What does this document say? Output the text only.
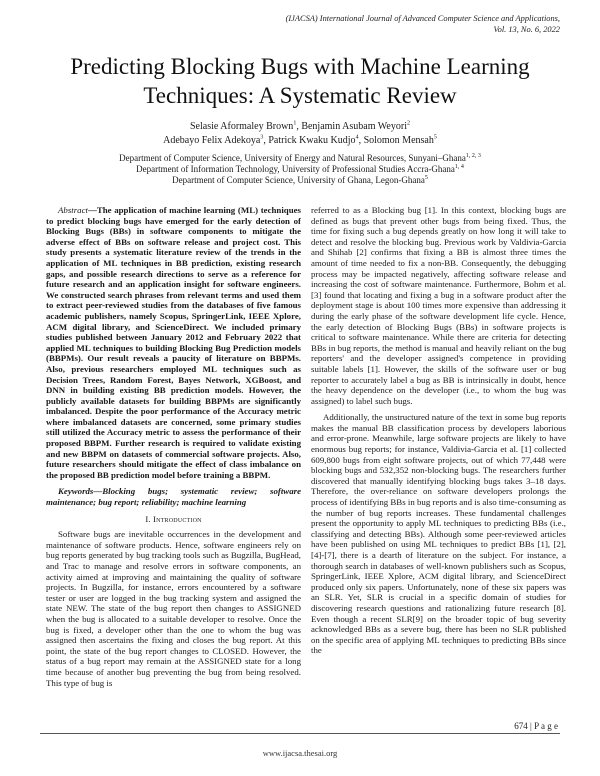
(IJACSA) International Journal of Advanced Computer Science and Applications,
Vol. 13, No. 6, 2022
Predicting Blocking Bugs with Machine Learning Techniques: A Systematic Review
Selasie Aformaley Brown$^1$, Benjamin Asubam Weyori$^2$
Adebayo Felix Adekoya$^3$, Patrick Kwaku Kudjo$^4$, Solomon Mensah$^5$
Department of Computer Science, University of Energy and Natural Resources, Sunyani–Ghana$^{1, 2, 3}$
Department of Information Technology, University of Professional Studies Accra-Ghana$^{1, 4}$
Department of Computer Science, University of Ghana, Legon-Ghana$^5$

Abstract—The application of machine learning (ML) techniques to predict blocking bugs have emerged for the early detection of Blocking Bugs (BBs) in software components to mitigate the adverse effect of BBs on software release and project cost. This study presents a systematic literature review of the trends in the application of ML techniques in BB prediction, existing research gaps, and possible research directions to serve as a reference for future research and an application insight for software engineers. We constructed search phrases from relevant terms and used them to extract peer-reviewed studies from the databases of five famous academic publishers, namely Scopus, SpringerLink, IEEE Xplore, ACM digital library, and ScienceDirect. We included primary studies published between January 2012 and February 2022 that applied ML techniques to building Blocking Bug Prediction models (BBPMs). Our result reveals a paucity of literature on BBPMs. Also, previous researchers employed ML techniques such as Decision Trees, Random Forest, Bayes Network, XGBoost, and DNN in building existing BB prediction models. However, the publicly available datasets for building BBPMs are significantly imbalanced. Despite the poor performance of the Accuracy metric where imbalanced datasets are concerned, some primary studies still utilized the Accuracy metric to assess the performance of their proposed BBPM. Further research is required to validate existing and new BBPM on datasets of commercial software projects. Also, future researchers should mitigate the effect of class imbalance on the proposed BB prediction model before training a BBPM.

Keywords—Blocking bugs; systematic review; software maintenance; bug report; reliability; machine learning

I. Introduction

Software bugs are inevitable occurrences in the development and maintenance of software products. Hence, software engineers rely on bug reports generated by bug tracking tools such as Bugzilla, BugHead, and Trac to manage and resolve errors in software components, an activity aimed at improving and maintaining the quality of software projects. In Bugzilla, for instance, errors encountered by a software tester or user are logged in the bug tracking system and assigned the state NEW. The state of the bug report then changes to ASSIGNED when the bug is allocated to a suitable developer to resolve. Once the bug is fixed, a developer other than the one to whom the bug was assigned then ascertains the fixing and closes the bug report. At this point, the state of the bug report changes to CLOSED. However, the status of a bug report may remain at the ASSIGNED state for a long time because of another bug preventing the bug from being resolved. This type of bug is

referred to as a Blocking bug [1]. In this context, blocking bugs are defined as bugs that prevent other bugs from being fixed. Thus, the time for fixing such a bug depends greatly on how long it will take to detect and resolve the blocking bug. Previous work by Valdivia-Garcia and Shihab [2] confirms that fixing a BB is almost three times the amount of time needed to fix a non-BB. Consequently, the debugging process may be impacted negatively, affecting software release and increasing the cost of software maintenance. Furthermore, Bohm et al. [3] found that locating and fixing a bug in a software product after the deployment stage is about 100 times more expensive than addressing it during the early phase of the software development life cycle. Hence, the early detection of Blocking Bugs (BBs) in software projects is critical to software maintenance. While there are criteria for detecting BBs in bug reports, the method is manual and heavily reliant on the bug reporters' and the developer assigned's competence in providing suitable labels [1]. However, the skills of the software user or bug reporter to accurately label a bug as BB is intrinsically in doubt, hence the heavy dependence on the developer (i.e., to whom the bug was assigned) to label such bugs.

Additionally, the unstructured nature of the text in some bug reports makes the manual BB classification process by developers laborious and error-prone. Meanwhile, large software projects are likely to have enormous bug reports; for instance, Valdivia-Garcia et al. [1] collected 609,800 bugs from eight software projects, out of which 77,448 were blocking bugs and 532,352 non-blocking bugs. The researchers further discovered that manually identifying blocking bugs takes 3–18 days. Therefore, the over-reliance on software developers prolongs the process of identifying BBs in bug reports and is also time-consuming as the number of bug reports increases. These fundamental challenges present the opportunity to apply ML techniques to predicting BBs (i.e., classifying and detecting BBs). Although some peer-reviewed articles have been published on using ML techniques to predict BBs [1], [2], [4]-[7], there is a dearth of literature on the subject. For instance, a thorough search in databases of well-known publishers such as Scopus, SpringerLink, IEEE Xplore, ACM digital library, and ScienceDirect produced only six papers. Unfortunately, none of these six papers was an SLR. Yet, SLR is crucial in a specific domain of studies for discovering research questions and rationalizing future research [8]. Even though a recent SLR[9] on the broader topic of bug severity acknowledged BBs as a severe bug, there has been no SLR published on the specific area of applying ML techniques to predicting BBs since the

674 | P a g e
www.ijacsa.thesai.org
